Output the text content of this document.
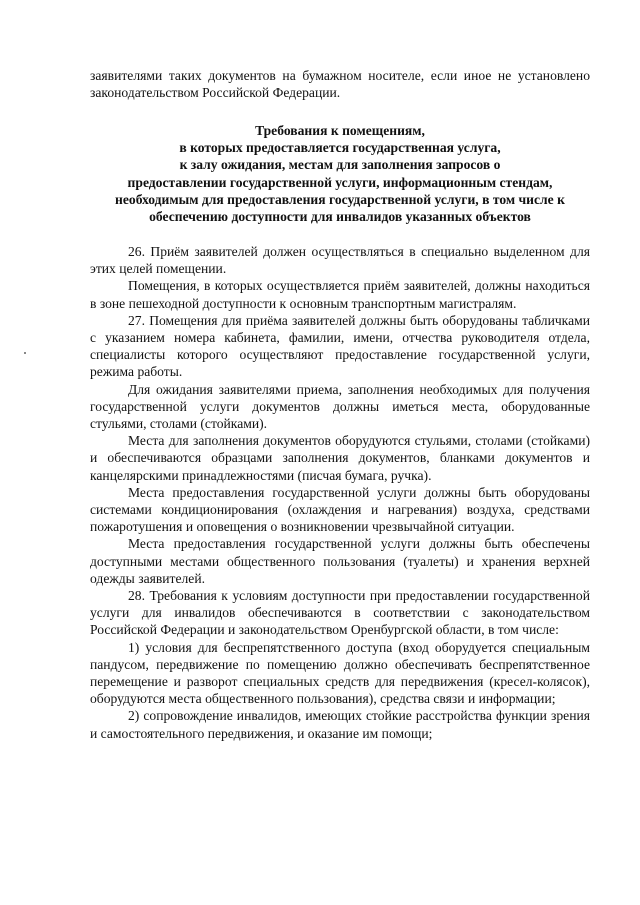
заявителями таких документов на бумажном носителе, если иное не установлено законодательством Российской Федерации.

Требования к помещениям,
в которых предоставляется государственная услуга,
к залу ожидания, местам для заполнения запросов о
предоставлении государственной услуги, информационным стендам,
необходимым для предоставления государственной услуги, в том числе к
обеспечению доступности для инвалидов указанных объектов

26. Приём заявителей должен осуществляться в специально выделенном для этих целей помещении.

Помещения, в которых осуществляется приём заявителей, должны находиться в зоне пешеходной доступности к основным транспортным магистралям.

27. Помещения для приёма заявителей должны быть оборудованы табличками с указанием номера кабинета, фамилии, имени, отчества руководителя отдела, специалисты которого осуществляют предоставление государственной услуги, режима работы.

Для ожидания заявителями приема, заполнения необходимых для получения государственной услуги документов должны иметься места, оборудованные стульями, столами (стойками).

Места для заполнения документов оборудуются стульями, столами (стойками) и обеспечиваются образцами заполнения документов, бланками документов и канцелярскими принадлежностями (писчая бумага, ручка).

Места предоставления государственной услуги должны быть оборудованы системами кондиционирования (охлаждения и нагревания) воздуха, средствами пожаротушения и оповещения о возникновении чрезвычайной ситуации.

Места предоставления государственной услуги должны быть обеспечены доступными местами общественного пользования (туалеты) и хранения верхней одежды заявителей.

28. Требования к условиям доступности при предоставлении государственной услуги для инвалидов обеспечиваются в соответствии с законодательством Российской Федерации и законодательством Оренбургской области, в том числе:

1) условия для беспрепятственного доступа (вход оборудуется специальным пандусом, передвижение по помещению должно обеспечивать беспрепятственное перемещение и разворот специальных средств для передвижения (кресел-колясок), оборудуются места общественного пользования), средства связи и информации;

2) сопровождение инвалидов, имеющих стойкие расстройства функции зрения и самостоятельного передвижения, и оказание им помощи;
